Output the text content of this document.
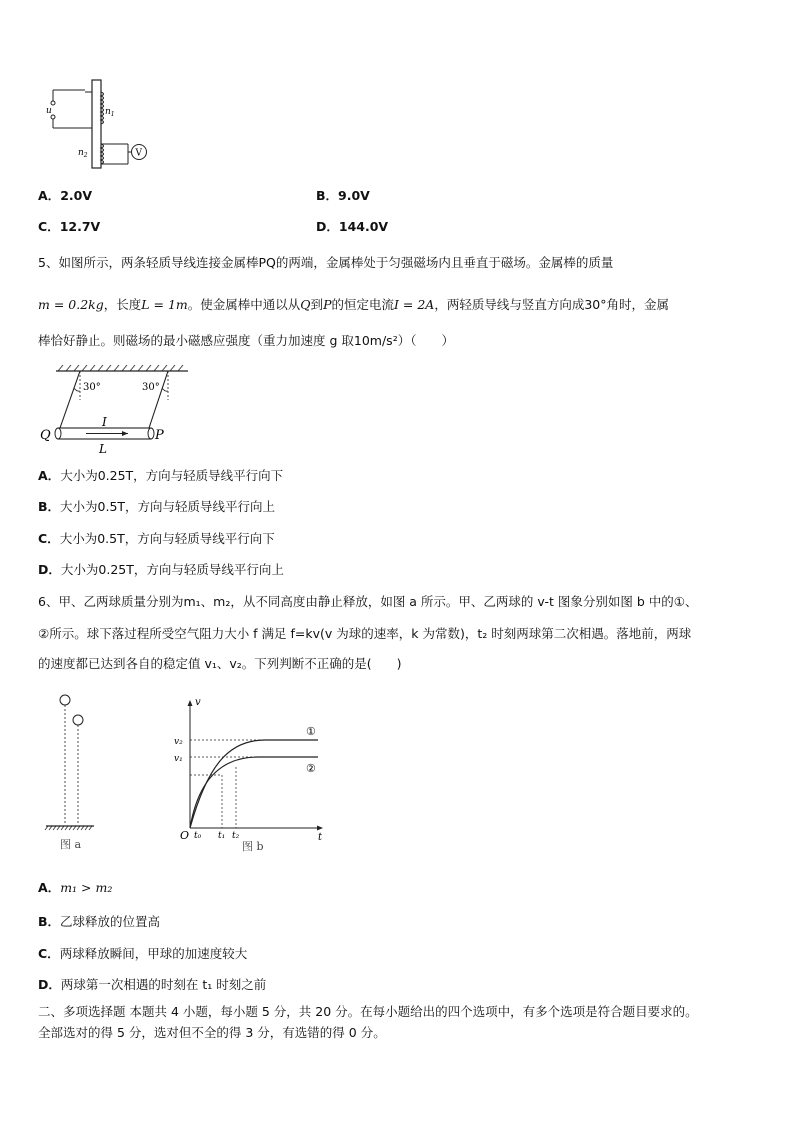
u	$n_1$
$n_2$	V
A．2.0V	B．9.0V
C．12.7V	D．144.0V
5、如图所示，两条轻质导线连接金属棒PQ的两端，金属棒处于匀强磁场内且垂直于磁场。金属棒的质量
m = 0.2kg，长度L = 1m。使金属棒中通以从Q到P的恒定电流I = 2A，两轻质导线与竖直方向成30°角时，金属
棒恰好静止。则磁场的最小磁感应强度（重力加速度 g 取10m/s²）（　　）
30°	30°
Q	P
I
L
A．大小为0.25T，方向与轻质导线平行向下
B．大小为0.5T，方向与轻质导线平行向上
C．大小为0.5T，方向与轻质导线平行向下
D．大小为0.25T，方向与轻质导线平行向上
6、甲、乙两球质量分别为m₁、m₂，从不同高度由静止释放，如图 a 所示。甲、乙两球的 v-t 图象分别如图 b 中的①、
②所示。球下落过程所受空气阻力大小 f 满足 f=kv(v 为球的速率，k 为常数)，t₂ 时刻两球第二次相遇。落地前，两球
的速度都已达到各自的稳定值 v₁、v₂。下列判断不正确的是(　　)
图 a
v
t
O
v₂
v₁
t₀ t₁ t₂
①
②
图 b
A．m₁ > m₂
B．乙球释放的位置高
C．两球释放瞬间，甲球的加速度较大
D．两球第一次相遇的时刻在 t₁ 时刻之前
二、多项选择题 本题共 4 小题，每小题 5 分，共 20 分。在每小题给出的四个选项中，有多个选项是符合题目要求的。
全部选对的得 5 分，选对但不全的得 3 分，有选错的得 0 分。
